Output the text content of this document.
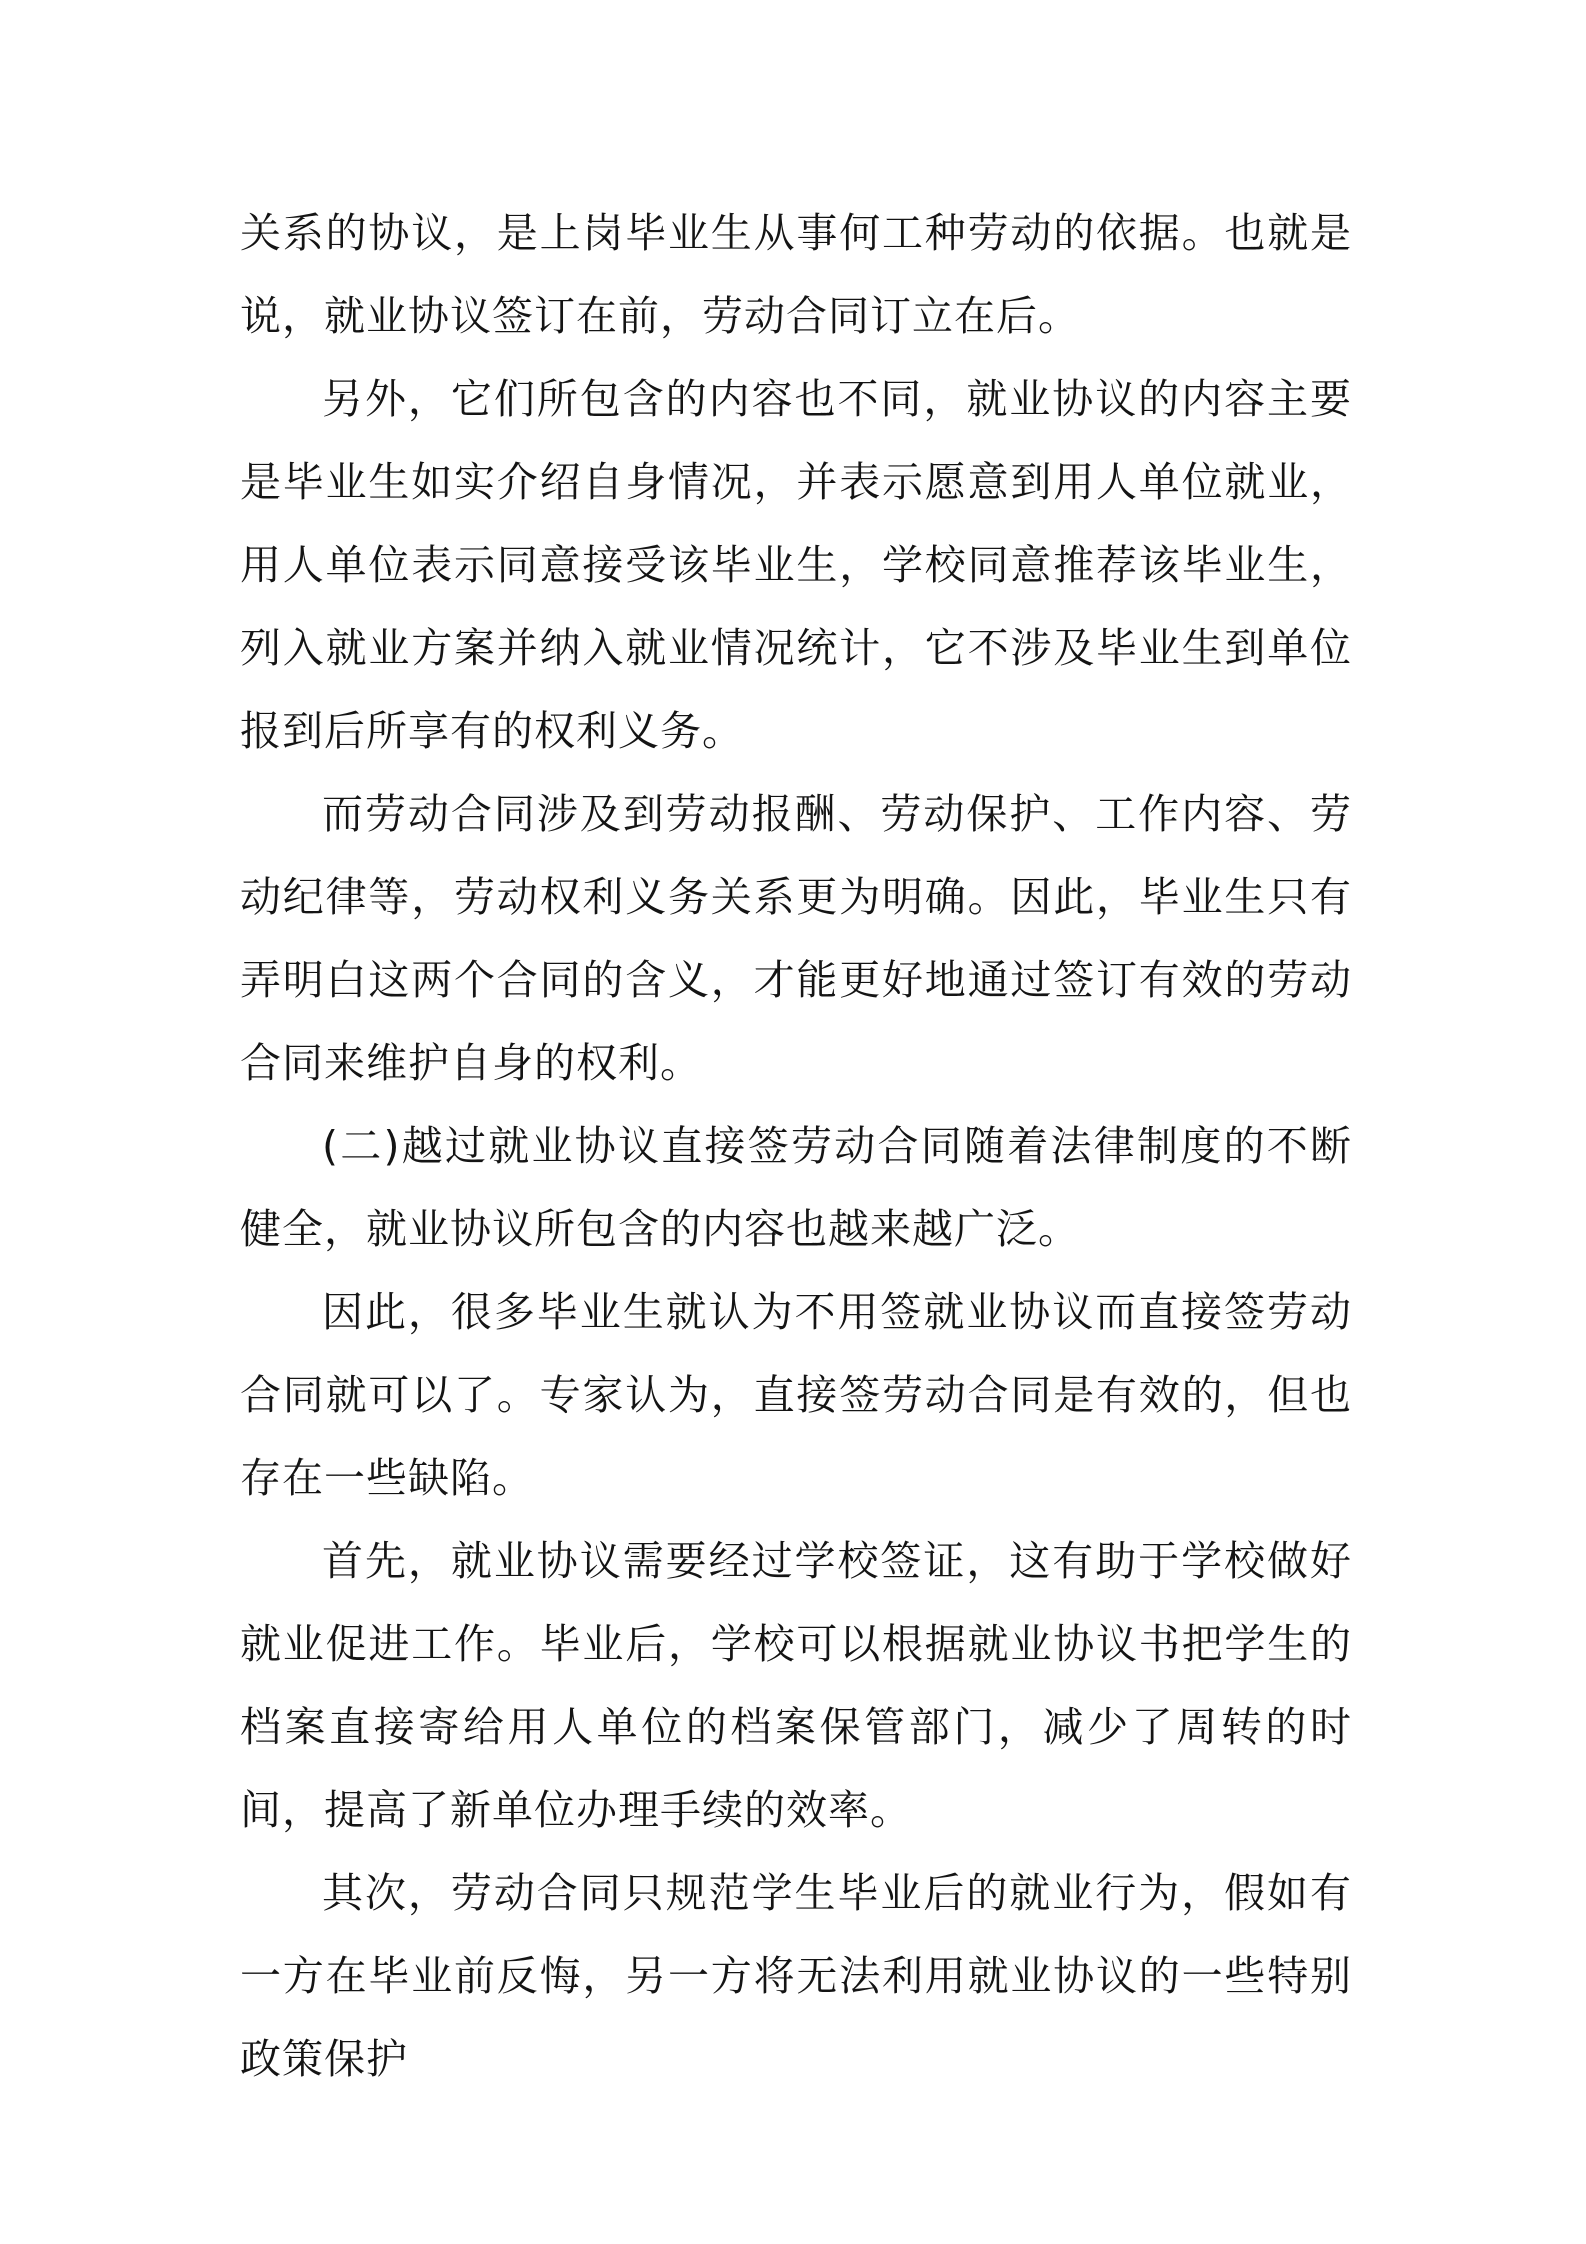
关系的协议，是上岗毕业生从事何工种劳动的依据。也就是说，就业协议签订在前，劳动合同订立在后。

另外，它们所包含的内容也不同，就业协议的内容主要是毕业生如实介绍自身情况，并表示愿意到用人单位就业，用人单位表示同意接受该毕业生，学校同意推荐该毕业生，列入就业方案并纳入就业情况统计，它不涉及毕业生到单位报到后所享有的权利义务。

而劳动合同涉及到劳动报酬、劳动保护、工作内容、劳动纪律等，劳动权利义务关系更为明确。因此，毕业生只有弄明白这两个合同的含义，才能更好地通过签订有效的劳动合同来维护自身的权利。

(二)越过就业协议直接签劳动合同随着法律制度的不断健全，就业协议所包含的内容也越来越广泛。

因此，很多毕业生就认为不用签就业协议而直接签劳动合同就可以了。专家认为，直接签劳动合同是有效的，但也存在一些缺陷。

首先，就业协议需要经过学校签证，这有助于学校做好就业促进工作。毕业后，学校可以根据就业协议书把学生的档案直接寄给用人单位的档案保管部门，减少了周转的时间，提高了新单位办理手续的效率。

其次，劳动合同只规范学生毕业后的就业行为，假如有一方在毕业前反悔，另一方将无法利用就业协议的一些特别政策保护
